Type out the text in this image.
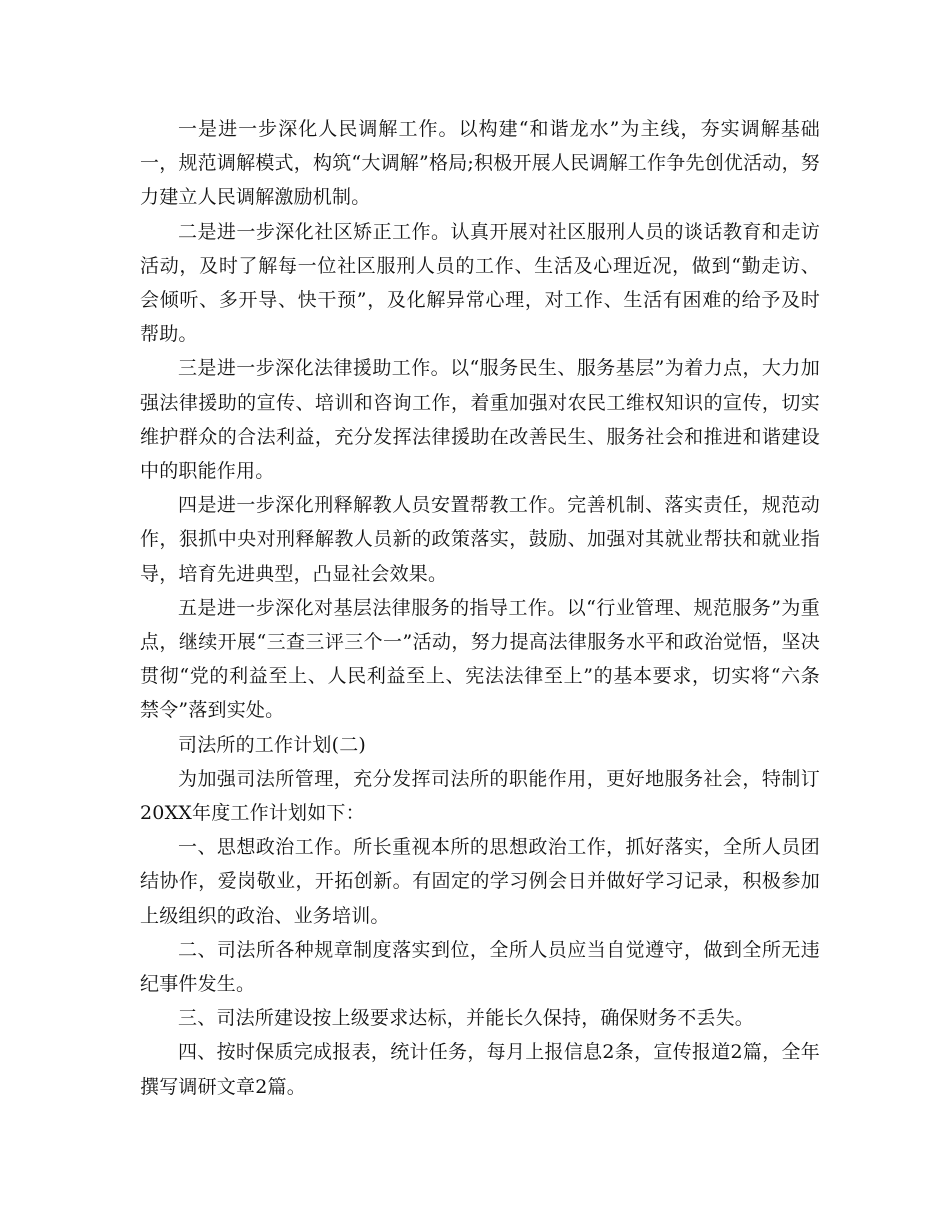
一是进一步深化人民调解工作。以构建“和谐龙水”为主线，夯实调解基础一，规范调解模式，构筑“大调解”格局;积极开展人民调解工作争先创优活动，努力建立人民调解激励机制。

二是进一步深化社区矫正工作。认真开展对社区服刑人员的谈话教育和走访活动，及时了解每一位社区服刑人员的工作、生活及心理近况，做到“勤走访、会倾听、多开导、快干预”，及化解异常心理，对工作、生活有困难的给予及时帮助。

三是进一步深化法律援助工作。以“服务民生、服务基层”为着力点，大力加强法律援助的宣传、培训和咨询工作，着重加强对农民工维权知识的宣传，切实维护群众的合法利益，充分发挥法律援助在改善民生、服务社会和推进和谐建设中的职能作用。

四是进一步深化刑释解教人员安置帮教工作。完善机制、落实责任，规范动作，狠抓中央对刑释解教人员新的政策落实，鼓励、加强对其就业帮扶和就业指导，培育先进典型，凸显社会效果。

五是进一步深化对基层法律服务的指导工作。以“行业管理、规范服务”为重点，继续开展“三查三评三个一”活动，努力提高法律服务水平和政治觉悟，坚决贯彻“党的利益至上、人民利益至上、宪法法律至上”的基本要求，切实将“六条禁令”落到实处。

司法所的工作计划(二)

为加强司法所管理，充分发挥司法所的职能作用，更好地服务社会，特制订20XX年度工作计划如下：

一、思想政治工作。所长重视本所的思想政治工作，抓好落实，全所人员团结协作，爱岗敬业，开拓创新。有固定的学习例会日并做好学习记录，积极参加上级组织的政治、业务培训。

二、司法所各种规章制度落实到位，全所人员应当自觉遵守，做到全所无违纪事件发生。

三、司法所建设按上级要求达标，并能长久保持，确保财务不丢失。

四、按时保质完成报表，统计任务，每月上报信息2条，宣传报道2篇，全年撰写调研文章2篇。
